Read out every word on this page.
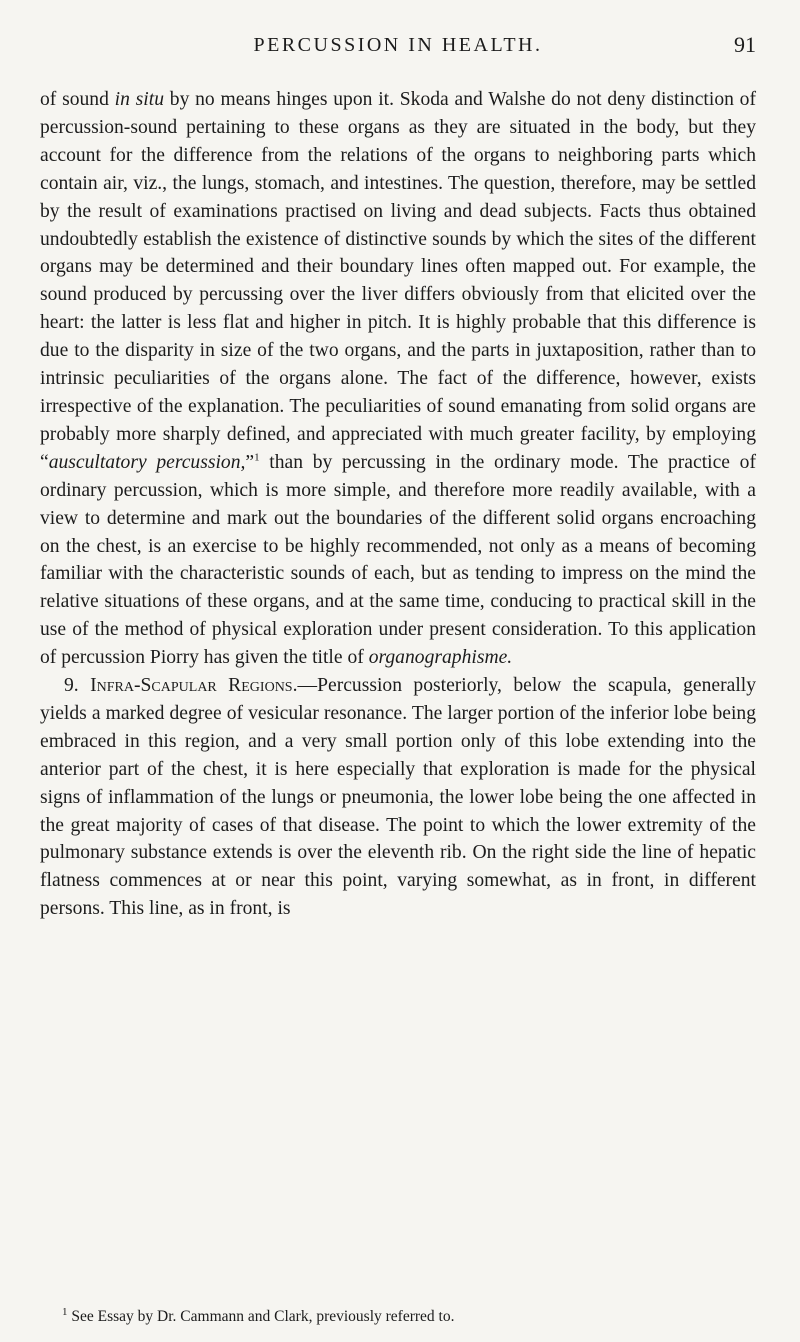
PERCUSSION IN HEALTH.	91

of sound in situ by no means hinges upon it. Skoda and Walshe do not deny distinction of percussion-sound pertaining to these organs as they are situated in the body, but they account for the difference from the relations of the organs to neighboring parts which contain air, viz., the lungs, stomach, and intestines. The question, therefore, may be settled by the result of examinations practised on living and dead subjects. Facts thus obtained undoubtedly establish the existence of distinctive sounds by which the sites of the different organs may be determined and their boundary lines often mapped out. For example, the sound produced by percussing over the liver differs obviously from that elicited over the heart: the latter is less flat and higher in pitch. It is highly probable that this difference is due to the disparity in size of the two organs, and the parts in juxtaposition, rather than to intrinsic peculiarities of the organs alone. The fact of the difference, however, exists irrespective of the explanation. The peculiarities of sound emanating from solid organs are probably more sharply defined, and appreciated with much greater facility, by employing “auscultatory percussion,”$^1$ than by percussing in the ordinary mode. The practice of ordinary percussion, which is more simple, and therefore more readily available, with a view to determine and mark out the boundaries of the different solid organs encroaching on the chest, is an exercise to be highly recommended, not only as a means of becoming familiar with the characteristic sounds of each, but as tending to impress on the mind the relative situations of these organs, and at the same time, conducing to practical skill in the use of the method of physical exploration under present consideration. To this application of percussion Piorry has given the title of organographisme.

9. Infra-Scapular Regions.—Percussion posteriorly, below the scapula, generally yields a marked degree of vesicular resonance. The larger portion of the inferior lobe being embraced in this region, and a very small portion only of this lobe extending into the anterior part of the chest, it is here especially that exploration is made for the physical signs of inflammation of the lungs or pneumonia, the lower lobe being the one affected in the great majority of cases of that disease. The point to which the lower extremity of the pulmonary substance extends is over the eleventh rib. On the right side the line of hepatic flatness commences at or near this point, varying somewhat, as in front, in different persons. This line, as in front, is

$^1$ See Essay by Dr. Cammann and Clark, previously referred to.
